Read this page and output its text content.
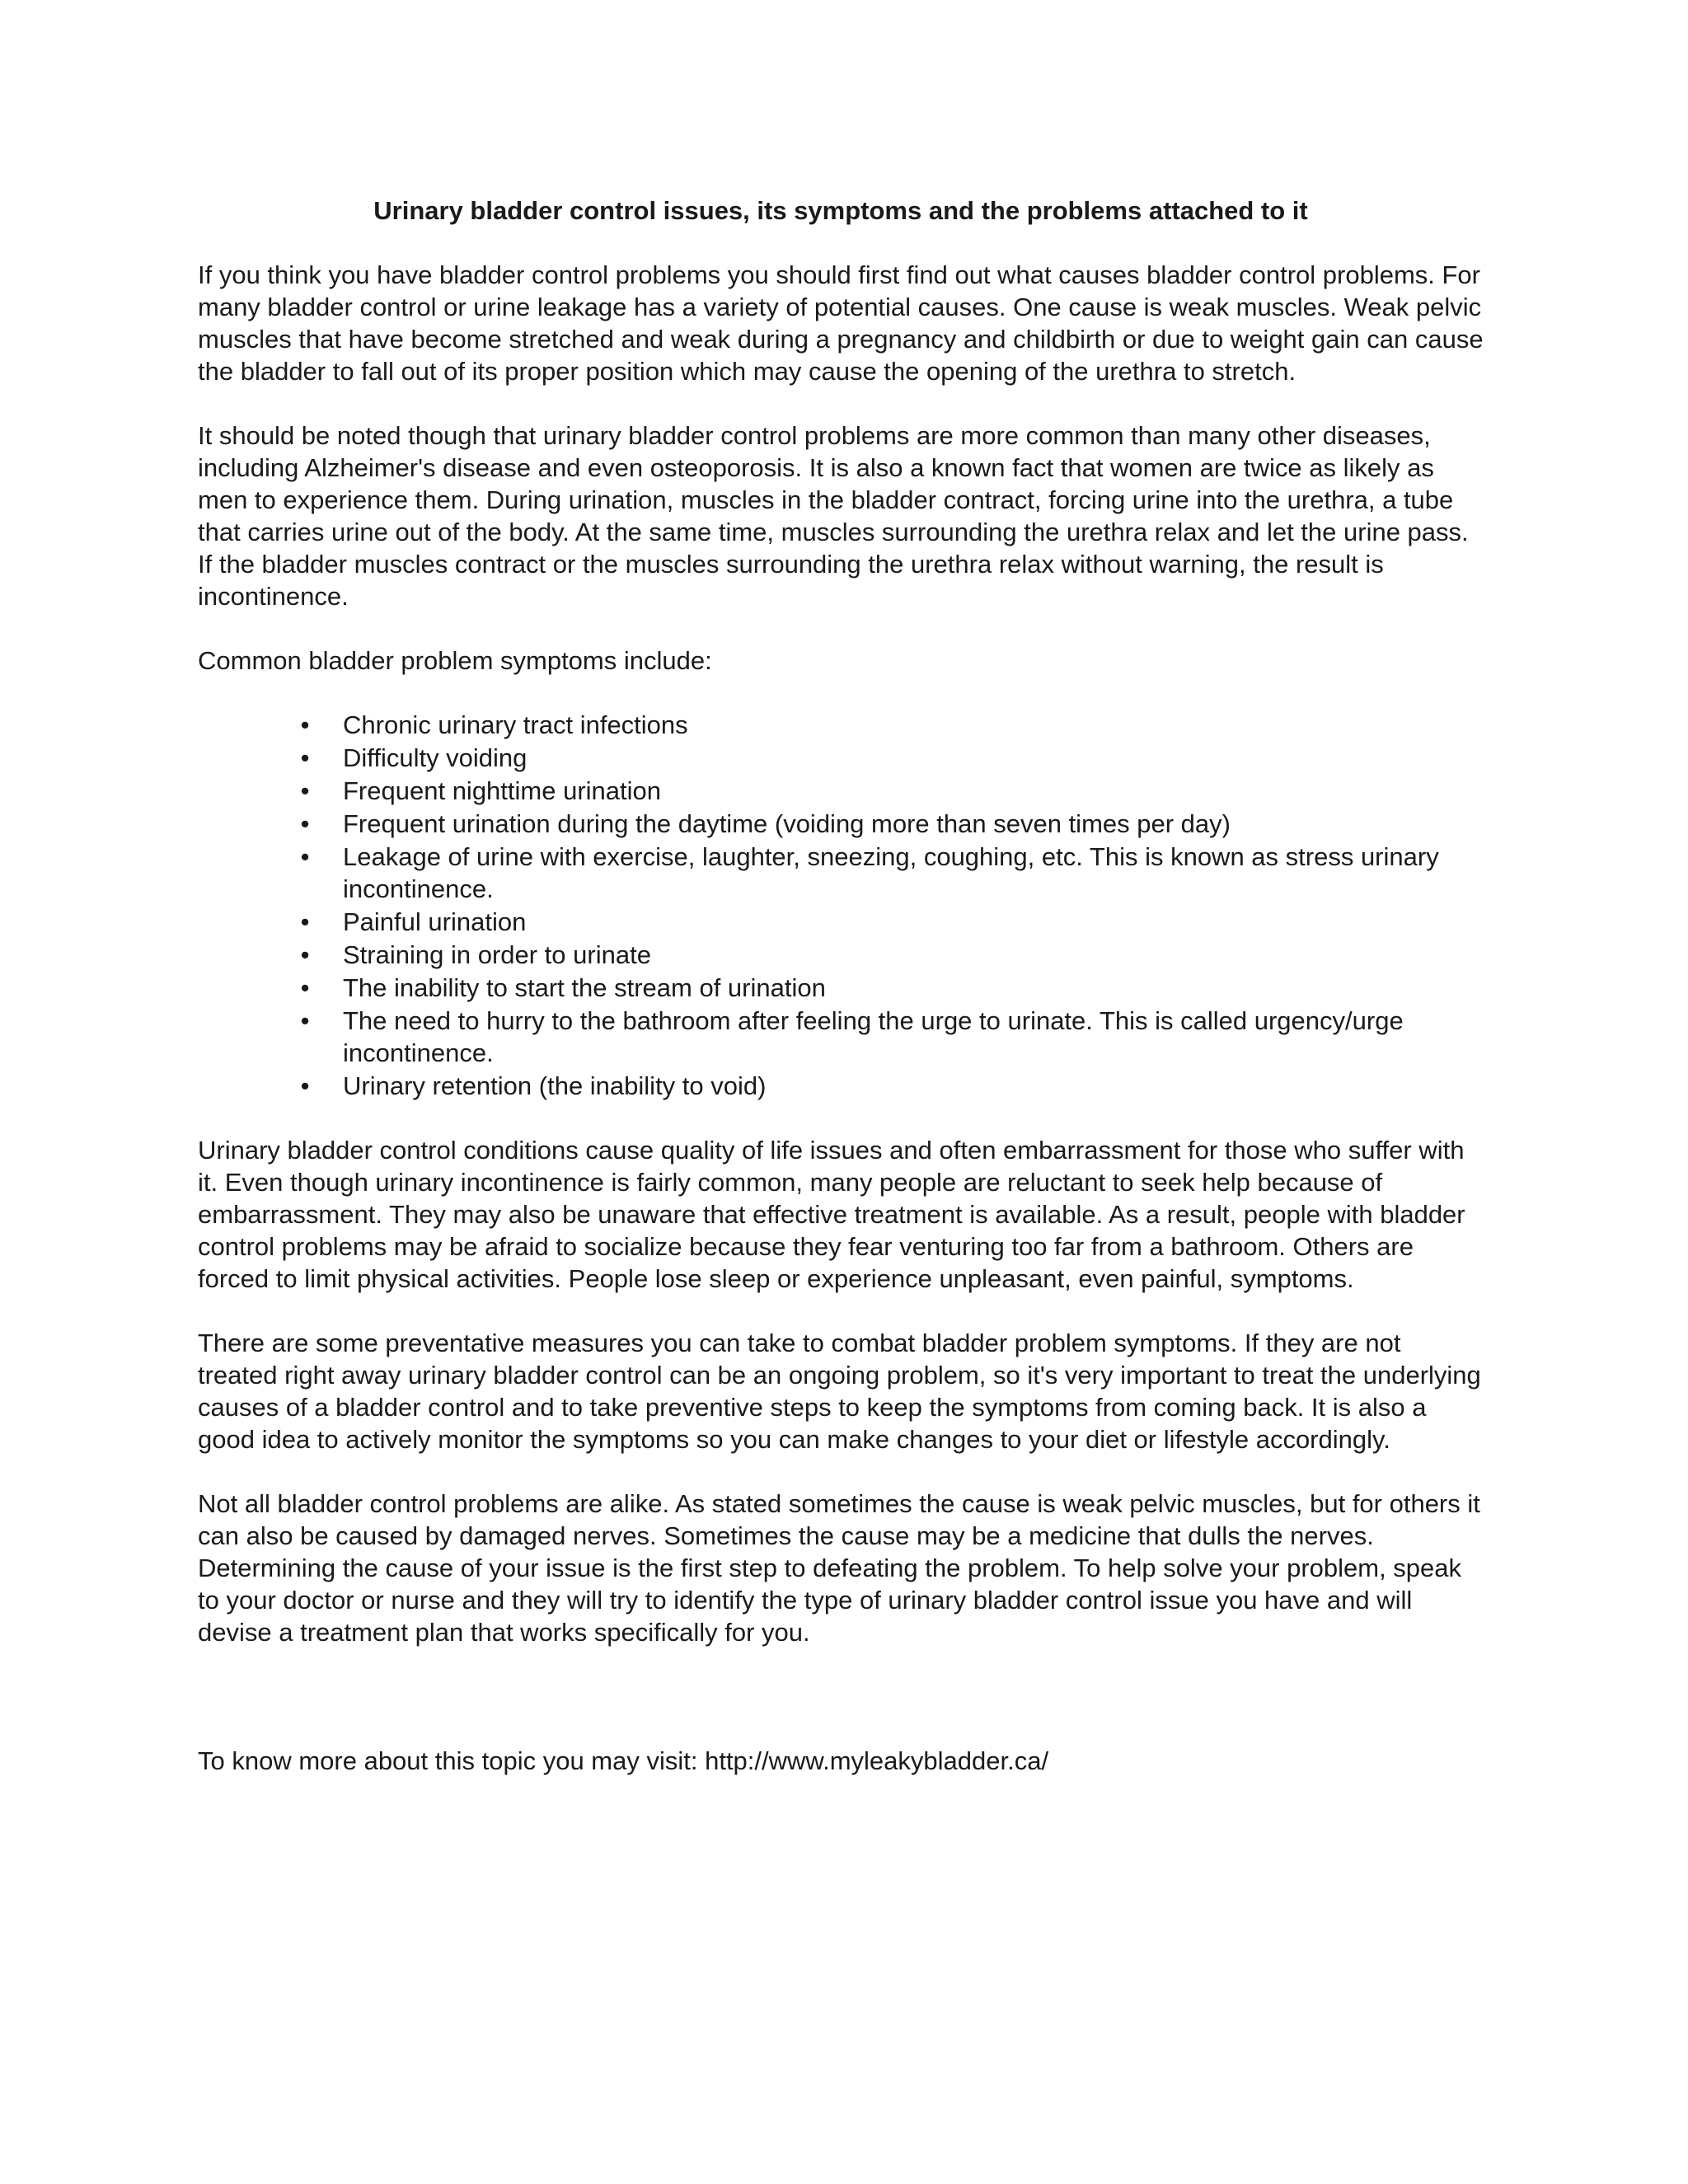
Urinary bladder control issues, its symptoms and the problems attached to it

If you think you have bladder control problems you should first find out what causes bladder control problems. For many bladder control or urine leakage has a variety of potential causes. One cause is weak muscles. Weak pelvic muscles that have become stretched and weak during a pregnancy and childbirth or due to weight gain can cause the bladder to fall out of its proper position which may cause the opening of the urethra to stretch.

It should be noted though that urinary bladder control problems are more common than many other diseases, including Alzheimer's disease and even osteoporosis. It is also a known fact that women are twice as likely as men to experience them. During urination, muscles in the bladder contract, forcing urine into the urethra, a tube that carries urine out of the body. At the same time, muscles surrounding the urethra relax and let the urine pass. If the bladder muscles contract or the muscles surrounding the urethra relax without warning, the result is incontinence.

Common bladder problem symptoms include:

• Chronic urinary tract infections
• Difficulty voiding
• Frequent nighttime urination
• Frequent urination during the daytime (voiding more than seven times per day)
• Leakage of urine with exercise, laughter, sneezing, coughing, etc. This is known as stress urinary incontinence.
• Painful urination
• Straining in order to urinate
• The inability to start the stream of urination
• The need to hurry to the bathroom after feeling the urge to urinate. This is called urgency/urge incontinence.
• Urinary retention (the inability to void)

Urinary bladder control conditions cause quality of life issues and often embarrassment for those who suffer with it. Even though urinary incontinence is fairly common, many people are reluctant to seek help because of embarrassment. They may also be unaware that effective treatment is available. As a result, people with bladder control problems may be afraid to socialize because they fear venturing too far from a bathroom. Others are forced to limit physical activities. People lose sleep or experience unpleasant, even painful, symptoms.

There are some preventative measures you can take to combat bladder problem symptoms. If they are not treated right away urinary bladder control can be an ongoing problem, so it's very important to treat the underlying causes of a bladder control and to take preventive steps to keep the symptoms from coming back. It is also a good idea to actively monitor the symptoms so you can make changes to your diet or lifestyle accordingly.

Not all bladder control problems are alike. As stated sometimes the cause is weak pelvic muscles, but for others it can also be caused by damaged nerves. Sometimes the cause may be a medicine that dulls the nerves. Determining the cause of your issue is the first step to defeating the problem. To help solve your problem, speak to your doctor or nurse and they will try to identify the type of urinary bladder control issue you have and will devise a treatment plan that works specifically for you.

To know more about this topic you may visit: http://www.myleakybladder.ca/
